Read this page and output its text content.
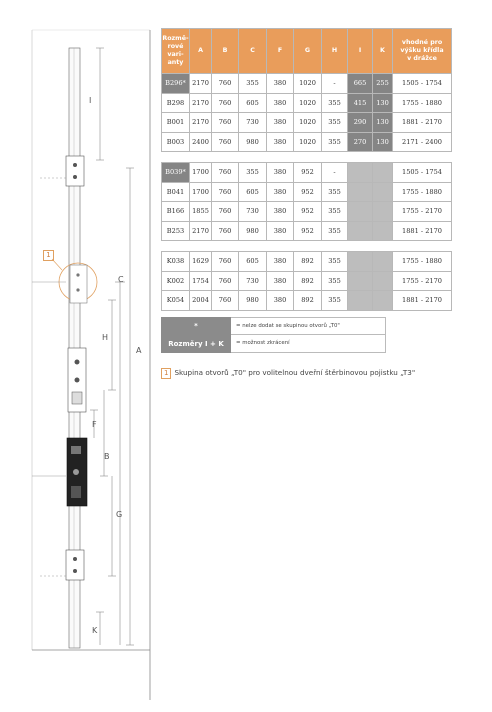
I
C
H
A
F
B
G
K
1
Rozmě-
rové
vari-
anty	A	B	C	F	G	H	I	K	vhodné pro
výšku křídla
v drážce
B296*	2170	760	355	380	1020	-	665	255	1505 - 1754
B298	2170	760	605	380	1020	355	415	130	1755 - 1880
B001	2170	760	730	380	1020	355	290	130	1881 - 2170
B003	2400	760	980	380	1020	355	270	130	2171 - 2400

B039*	1700	760	355	380	952	-			1505 - 1754
B041	1700	760	605	380	952	355			1755 - 1880
B166	1855	760	730	380	952	355			1755 - 2170
B253	2170	760	980	380	952	355			1881 - 2170

K038	1629	760	605	380	892	355			1755 - 1880
K002	1754	760	730	380	892	355			1755 - 2170
K054	2004	760	980	380	892	355			1881 - 2170
*	= nelze dodat se skupinou otvorů „T0"
Rozměry I + K	= možnost zkrácení
1 Skupina otvorů „T0" pro volitelnou dveřní štěrbinovou pojistku „T3"
